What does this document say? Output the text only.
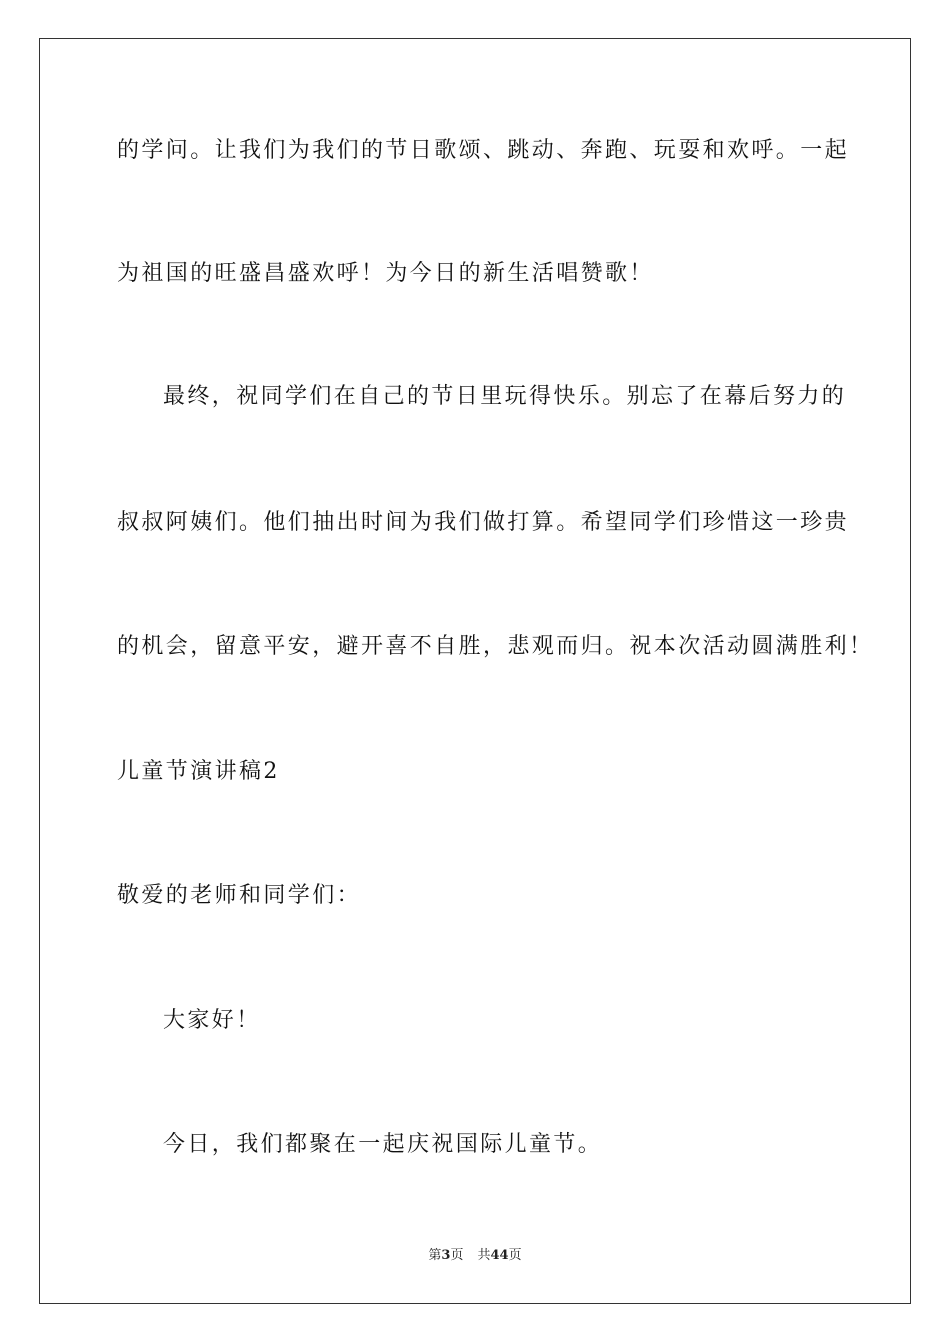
的学问。让我们为我们的节日歌颂、跳动、奔跑、玩耍和欢呼。一起
为祖国的旺盛昌盛欢呼！为今日的新生活唱赞歌！
最终，祝同学们在自己的节日里玩得快乐。别忘了在幕后努力的
叔叔阿姨们。他们抽出时间为我们做打算。希望同学们珍惜这一珍贵
的机会，留意平安，避开喜不自胜，悲观而归。祝本次活动圆满胜利！
儿童节演讲稿2
敬爱的老师和同学们：
大家好！
今日，我们都聚在一起庆祝国际儿童节。
第3页 共44页
